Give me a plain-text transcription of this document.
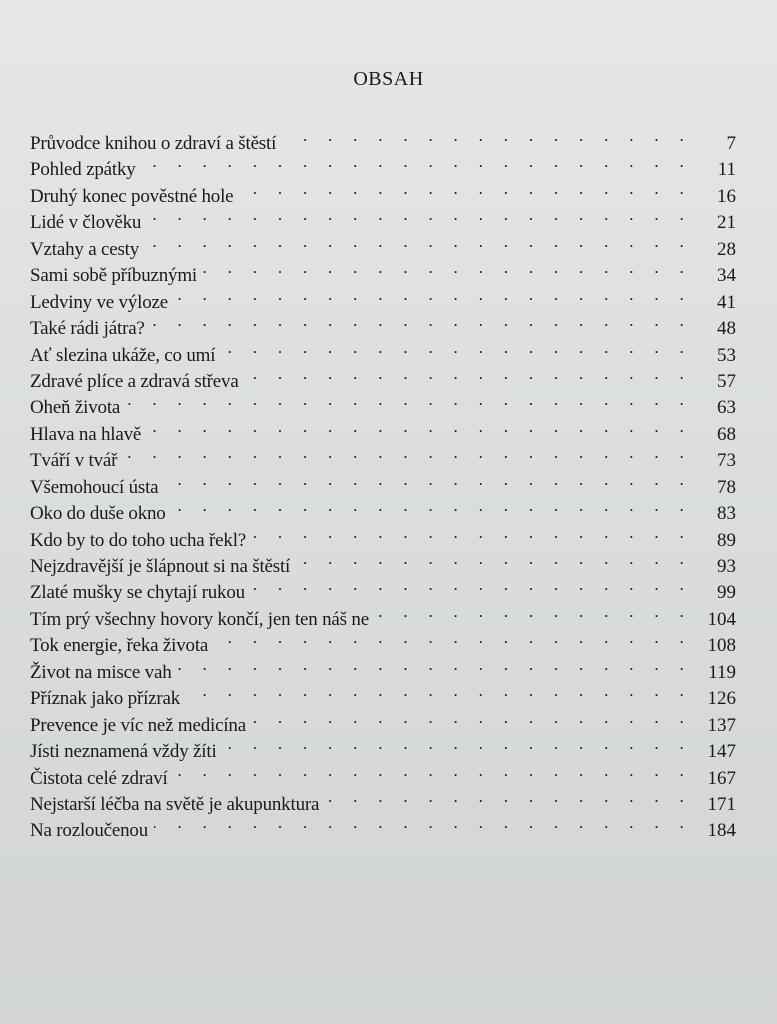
OBSAH
Průvodce knihou o zdraví a štěstí . . .	7
Pohled zpátky . . .	11
Druhý konec pověstné hole . . .	16
Lidé v člověku . . .	21
Vztahy a cesty . . .	28
Sami sobě příbuznými . . .	34
Ledviny ve výloze . . .	41
Také rádi játra? . . .	48
Ať slezina ukáže, co umí . . .	53
Zdravé plíce a zdravá střeva . . .	57
Oheň života . . .	63
Hlava na hlavě . . .	68
Tváří v tvář . . .	73
Všemohoucí ústa . . .	78
Oko do duše okno . . .	83
Kdo by to do toho ucha řekl? . . .	89
Nejzdravější je šlápnout si na štěstí . . .	93
Zlaté mušky se chytají rukou . . .	99
Tím prý všechny hovory končí, jen ten náš ne . . .	104
Tok energie, řeka života . . .	108
Život na misce vah . . .	119
Příznak jako přízrak . . .	126
Prevence je víc než medicína . . .	137
Jísti neznamená vždy žíti . . .	147
Čistota celé zdraví . . .	167
Nejstarší léčba na světě je akupunktura . . .	171
Na rozloučenou . . .	184
